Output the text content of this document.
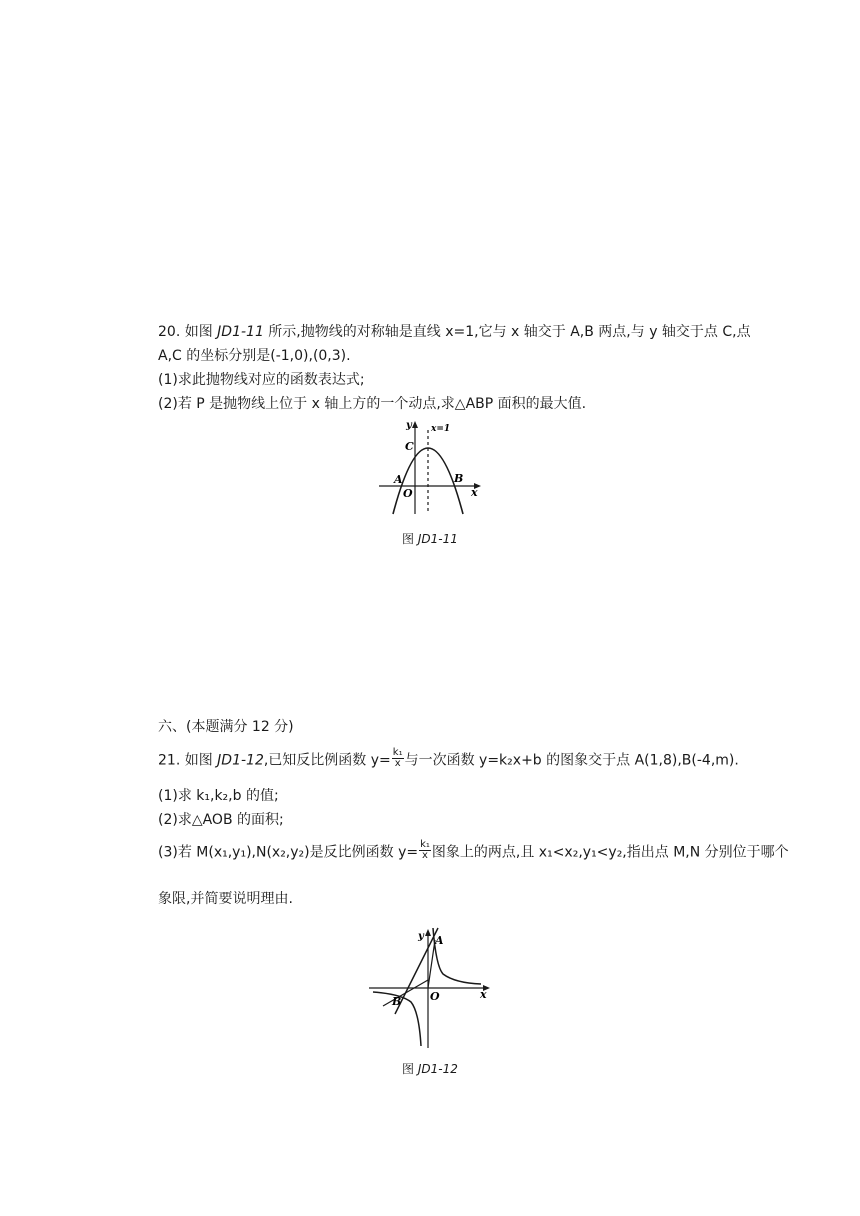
20. 如图 JD1-11 所示,抛物线的对称轴是直线 x=1,它与 x 轴交于 A,B 两点,与 y 轴交于点 C,点
A,C 的坐标分别是(-1,0),(0,3).
(1)求此抛物线对应的函数表达式;
(2)若 P 是抛物线上位于 x 轴上方的一个动点,求△ABP 面积的最大值.
y x=1
C
A
O
B
x
图 JD1-11
六、(本题满分 12 分)
21. 如图 JD1-12,已知反比例函数 $y= \frac{\text{k₁}}{x}$ 与一次函数 y=k₂x+b 的图象交于点 A(1,8),B(-4,m).
(1)求 k₁,k₂,b 的值;
(2)求△AOB 的面积;
(3)若 M(x₁,y₁),N(x₂,y₂)是反比例函数 $y= \frac{\text{k₁}}{x}$ 图象上的两点,且 x₁<x₂,y₁<y₂,指出点 M,N 分别位于哪个
象限,并简要说明理由.
y A
O
B
x
图 JD1-12
